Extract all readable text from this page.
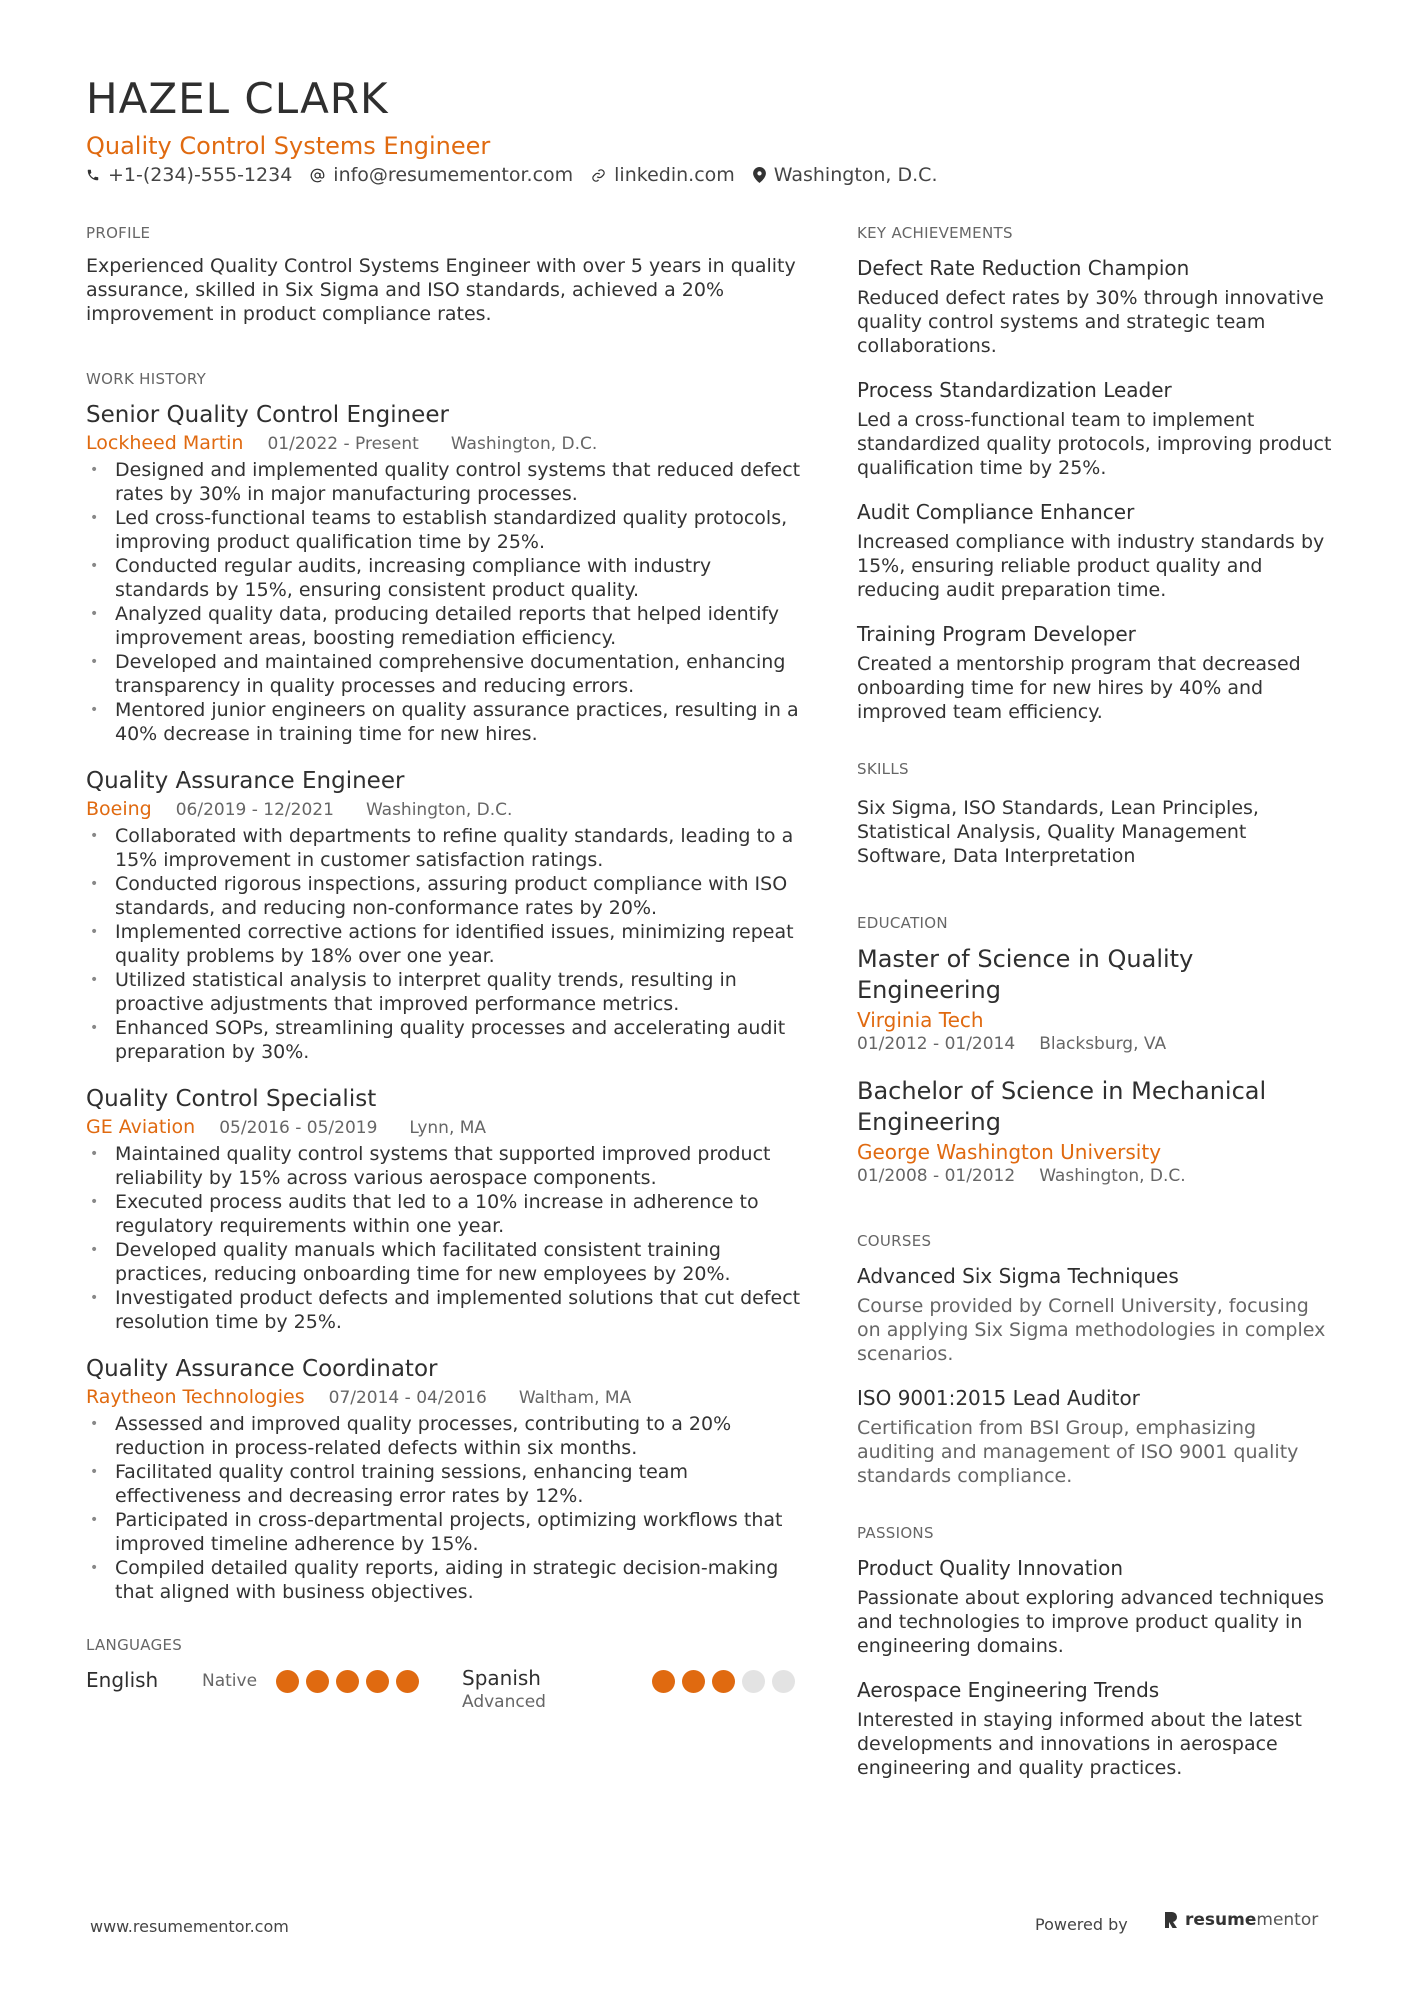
HAZEL CLARK
Quality Control Systems Engineer
+1-(234)-555-1234 info@resumementor.com linkedin.com Washington, D.C.
PROFILE

Experienced Quality Control Systems Engineer with over 5 years in quality assurance, skilled in Six Sigma and ISO standards, achieved a 20% improvement in product compliance rates.

WORK HISTORY
Senior Quality Control Engineer
Lockheed Martin 01/2022 - Present Washington, D.C.
• Designed and implemented quality control systems that reduced defect rates by 30% in major manufacturing processes.
• Led cross-functional teams to establish standardized quality protocols, improving product qualification time by 25%.
• Conducted regular audits, increasing compliance with industry standards by 15%, ensuring consistent product quality.
• Analyzed quality data, producing detailed reports that helped identify improvement areas, boosting remediation efficiency.
• Developed and maintained comprehensive documentation, enhancing transparency in quality processes and reducing errors.
• Mentored junior engineers on quality assurance practices, resulting in a 40% decrease in training time for new hires.
Quality Assurance Engineer
Boeing 06/2019 - 12/2021 Washington, D.C.
• Collaborated with departments to refine quality standards, leading to a 15% improvement in customer satisfaction ratings.
• Conducted rigorous inspections, assuring product compliance with ISO standards, and reducing non-conformance rates by 20%.
• Implemented corrective actions for identified issues, minimizing repeat quality problems by 18% over one year.
• Utilized statistical analysis to interpret quality trends, resulting in proactive adjustments that improved performance metrics.
• Enhanced SOPs, streamlining quality processes and accelerating audit preparation by 30%.
Quality Control Specialist
GE Aviation 05/2016 - 05/2019 Lynn, MA
• Maintained quality control systems that supported improved product reliability by 15% across various aerospace components.
• Executed process audits that led to a 10% increase in adherence to regulatory requirements within one year.
• Developed quality manuals which facilitated consistent training practices, reducing onboarding time for new employees by 20%.
• Investigated product defects and implemented solutions that cut defect resolution time by 25%.
Quality Assurance Coordinator
Raytheon Technologies 07/2014 - 04/2016 Waltham, MA
• Assessed and improved quality processes, contributing to a 20% reduction in process-related defects within six months.
• Facilitated quality control training sessions, enhancing team effectiveness and decreasing error rates by 12%.
• Participated in cross-departmental projects, optimizing workflows that improved timeline adherence by 15%.
• Compiled detailed quality reports, aiding in strategic decision-making that aligned with business objectives.
LANGUAGES
English	Native	Spanish
Advanced
KEY ACHIEVEMENTS
Defect Rate Reduction Champion

Reduced defect rates by 30% through innovative quality control systems and strategic team collaborations.

Process Standardization Leader

Led a cross-functional team to implement standardized quality protocols, improving product qualification time by 25%.

Audit Compliance Enhancer

Increased compliance with industry standards by 15%, ensuring reliable product quality and reducing audit preparation time.

Training Program Developer

Created a mentorship program that decreased onboarding time for new hires by 40% and improved team efficiency.

SKILLS

Six Sigma, ISO Standards, Lean Principles, Statistical Analysis, Quality Management Software, Data Interpretation

EDUCATION
Master of Science in Quality Engineering
Virginia Tech
01/2012 - 01/2014 Blacksburg, VA
Bachelor of Science in Mechanical Engineering
George Washington University
01/2008 - 01/2012 Washington, D.C.
COURSES
Advanced Six Sigma Techniques

Course provided by Cornell University, focusing on applying Six Sigma methodologies in complex scenarios.

ISO 9001:2015 Lead Auditor

Certification from BSI Group, emphasizing auditing and management of ISO 9001 quality standards compliance.

PASSIONS
Product Quality Innovation

Passionate about exploring advanced techniques and technologies to improve product quality in engineering domains.

Aerospace Engineering Trends

Interested in staying informed about the latest developments and innovations in aerospace engineering and quality practices.

www.resumementor.com	Powered by	resume mentor
